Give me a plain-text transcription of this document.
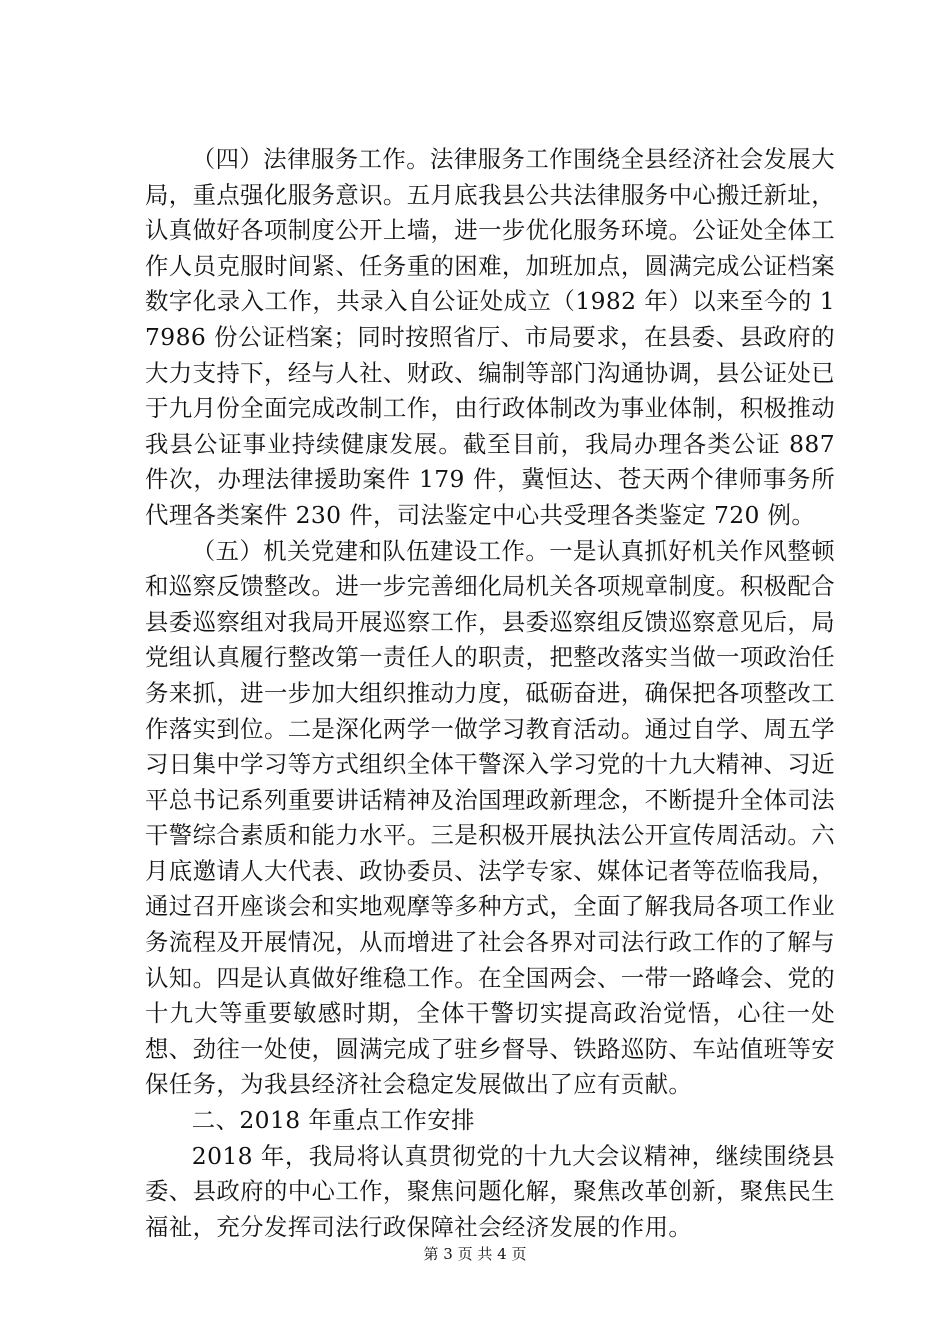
（四）法律服务工作。法律服务工作围绕全县经济社会发展大局，重点强化服务意识。五月底我县公共法律服务中心搬迁新址，认真做好各项制度公开上墙，进一步优化服务环境。公证处全体工作人员克服时间紧、任务重的困难，加班加点，圆满完成公证档案数字化录入工作，共录入自公证处成立（1982 年）以来至今的 17986 份公证档案；同时按照省厅、市局要求，在县委、县政府的大力支持下，经与人社、财政、编制等部门沟通协调，县公证处已于九月份全面完成改制工作，由行政体制改为事业体制，积极推动我县公证事业持续健康发展。截至目前，我局办理各类公证 887 件次，办理法律援助案件 179 件，冀恒达、苍天两个律师事务所代理各类案件 230 件，司法鉴定中心共受理各类鉴定 720 例。

（五）机关党建和队伍建设工作。一是认真抓好机关作风整顿和巡察反馈整改。进一步完善细化局机关各项规章制度。积极配合县委巡察组对我局开展巡察工作，县委巡察组反馈巡察意见后，局党组认真履行整改第一责任人的职责，把整改落实当做一项政治任务来抓，进一步加大组织推动力度，砥砺奋进，确保把各项整改工作落实到位。二是深化两学一做学习教育活动。通过自学、周五学习日集中学习等方式组织全体干警深入学习党的十九大精神、习近平总书记系列重要讲话精神及治国理政新理念，不断提升全体司法干警综合素质和能力水平。三是积极开展执法公开宣传周活动。六月底邀请人大代表、政协委员、法学专家、媒体记者等莅临我局，通过召开座谈会和实地观摩等多种方式，全面了解我局各项工作业务流程及开展情况，从而增进了社会各界对司法行政工作的了解与认知。四是认真做好维稳工作。在全国两会、一带一路峰会、党的十九大等重要敏感时期，全体干警切实提高政治觉悟，心往一处想、劲往一处使，圆满完成了驻乡督导、铁路巡防、车站值班等安保任务，为我县经济社会稳定发展做出了应有贡献。

二、2018 年重点工作安排

2018 年，我局将认真贯彻党的十九大会议精神，继续围绕县委、县政府的中心工作，聚焦问题化解，聚焦改革创新，聚焦民生福祉，充分发挥司法行政保障社会经济发展的作用。

第 3 页 共 4 页
